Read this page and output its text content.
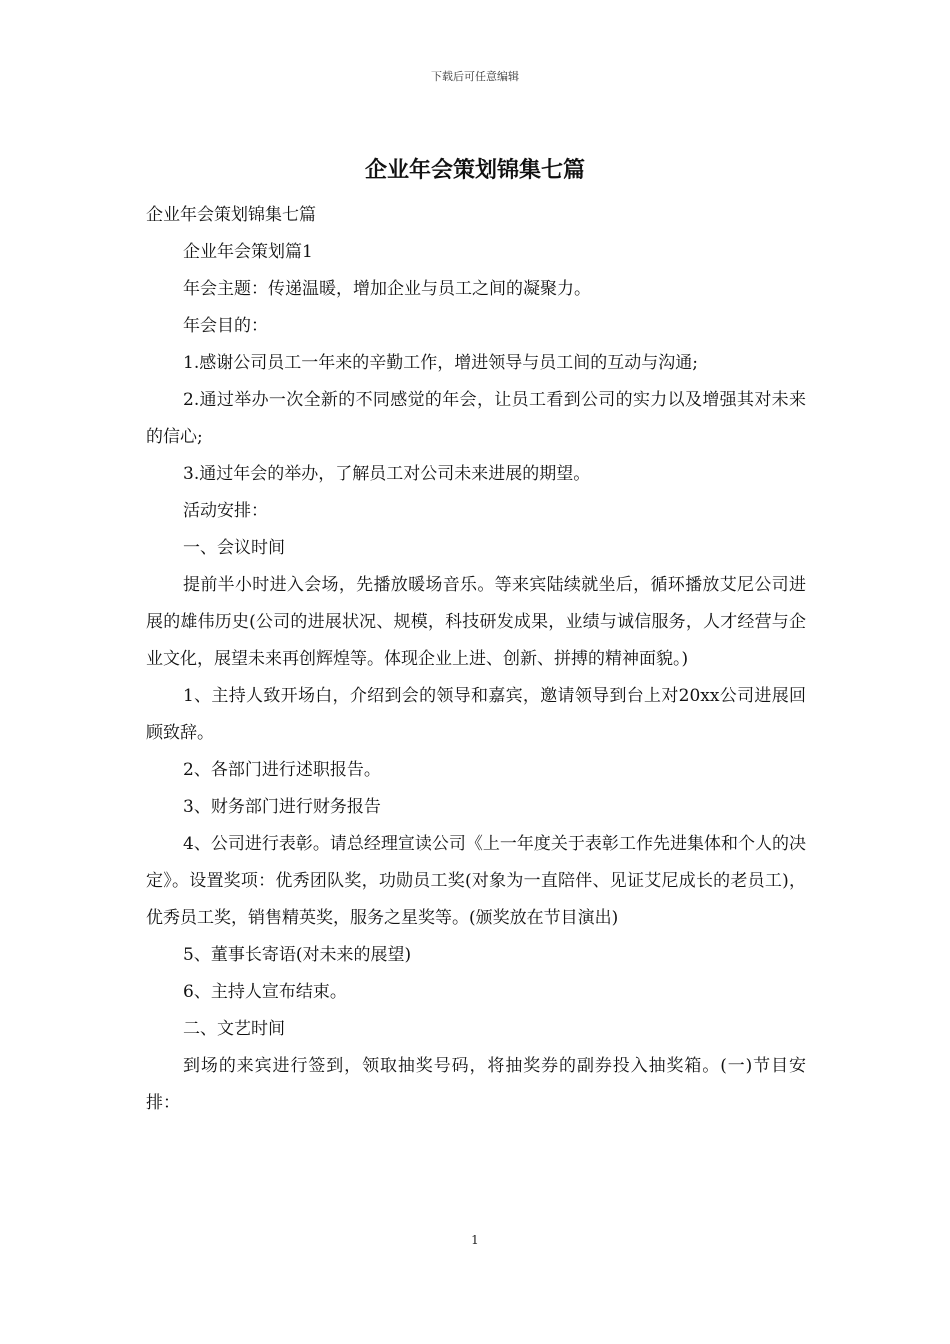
下载后可任意编辑
企业年会策划锦集七篇

企业年会策划锦集七篇

企业年会策划篇1

年会主题：传递温暖，增加企业与员工之间的凝聚力。

年会目的：

1.感谢公司员工一年来的辛勤工作，增进领导与员工间的互动与沟通;

2.通过举办一次全新的不同感觉的年会，让员工看到公司的实力以及增强其对未来的信心;

3.通过年会的举办，了解员工对公司未来进展的期望。

活动安排：

一、会议时间

提前半小时进入会场，先播放暖场音乐。等来宾陆续就坐后，循环播放艾尼公司进展的雄伟历史(公司的进展状况、规模，科技研发成果，业绩与诚信服务，人才经营与企业文化，展望未来再创辉煌等。体现企业上进、创新、拼搏的精神面貌。)

1、主持人致开场白，介绍到会的领导和嘉宾，邀请领导到台上对20xx公司进展回顾致辞。

2、各部门进行述职报告。

3、财务部门进行财务报告

4、公司进行表彰。请总经理宣读公司《上一年度关于表彰工作先进集体和个人的决定》。设置奖项：优秀团队奖，功勋员工奖(对象为一直陪伴、见证艾尼成长的老员工)，优秀员工奖，销售精英奖，服务之星奖等。(颁奖放在节目演出)

5、董事长寄语(对未来的展望)

6、主持人宣布结束。

二、文艺时间

到场的来宾进行签到，领取抽奖号码，将抽奖券的副券投入抽奖箱。(一)节目安排：

1
